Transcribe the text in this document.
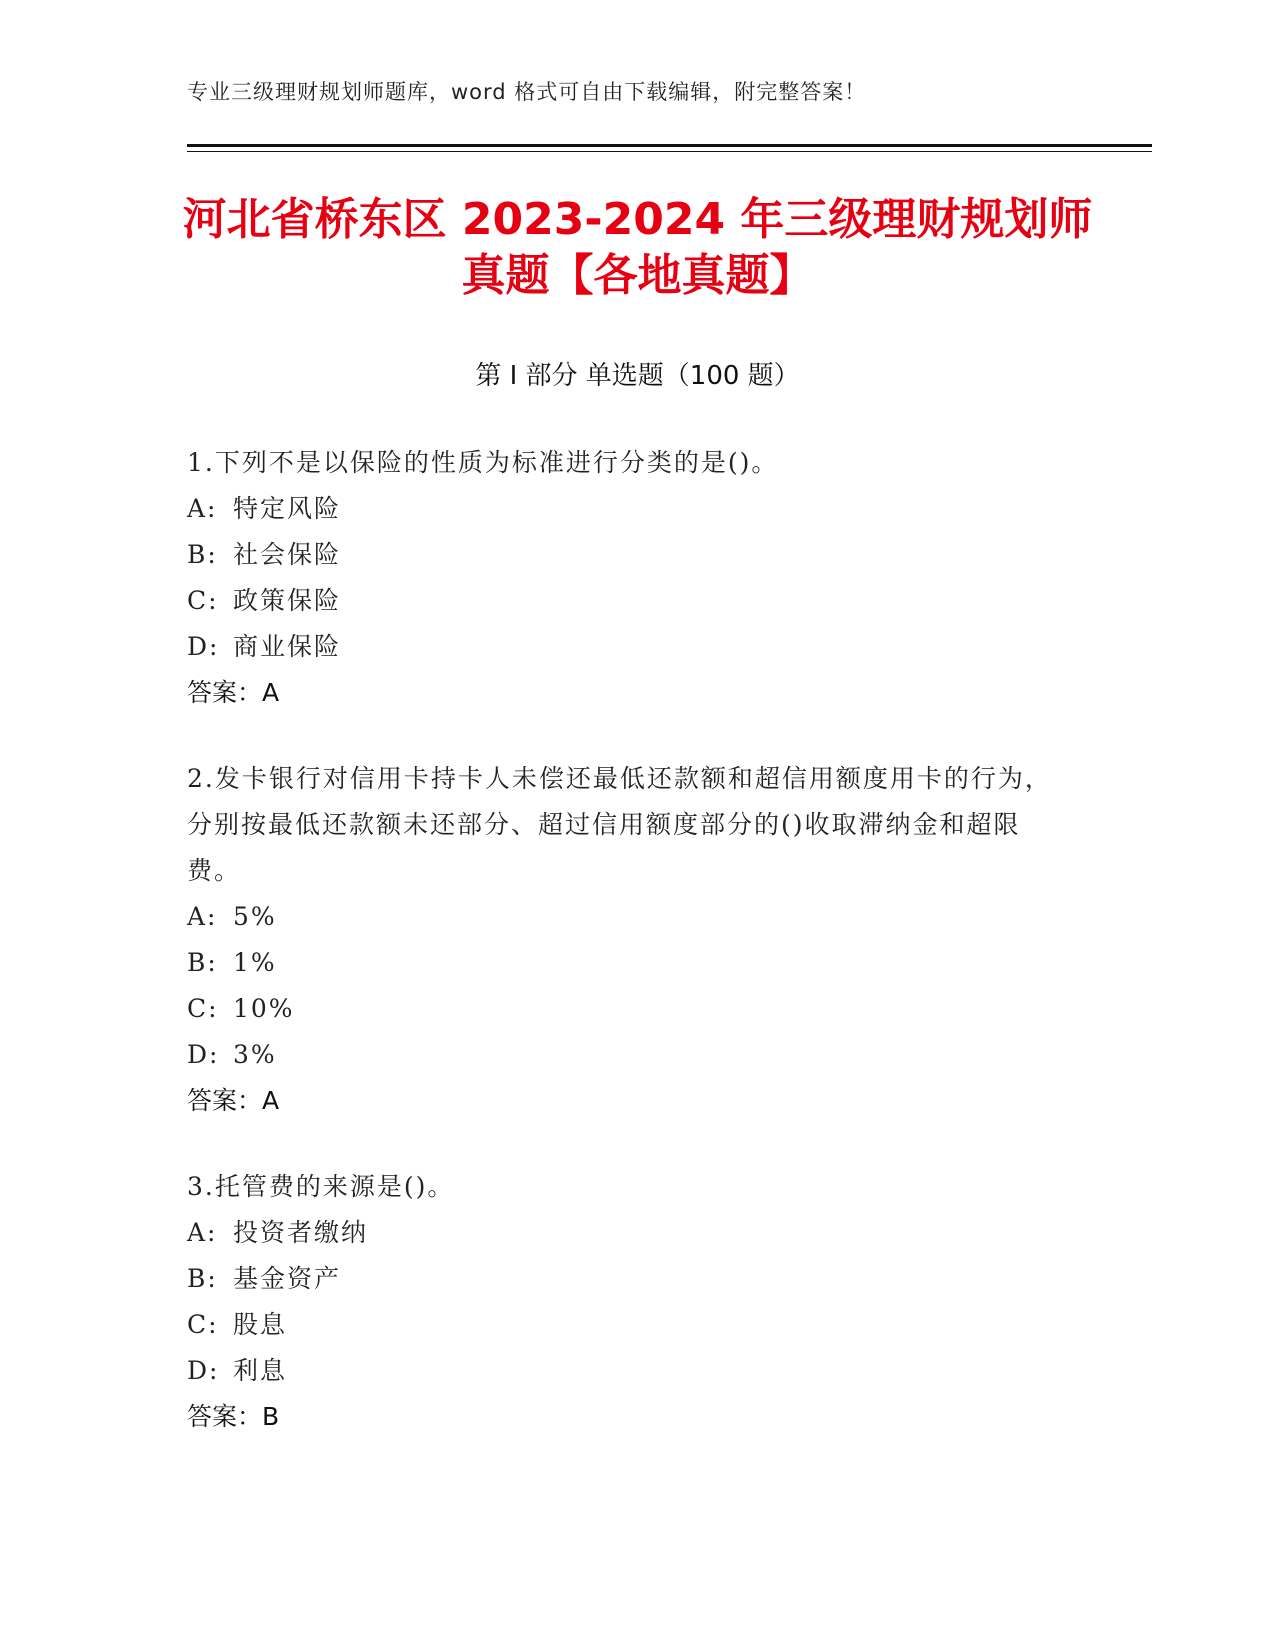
专业三级理财规划师题库，word 格式可自由下载编辑，附完整答案！
河北省桥东区 2023-2024 年三级理财规划师
真题【各地真题】
第 I 部分 单选题（100 题）
1.下列不是以保险的性质为标准进行分类的是()。
A: 特定风险
B: 社会保险
C: 政策保险
D: 商业保险
答案：A
2.发卡银行对信用卡持卡人未偿还最低还款额和超信用额度用卡的行为，分别按最低还款额未还部分、超过信用额度部分的()收取滞纳金和超限费。
A: 5%
B: 1%
C: 10%
D: 3%
答案：A
3.托管费的来源是()。
A: 投资者缴纳
B: 基金资产
C: 股息
D: 利息
答案：B
